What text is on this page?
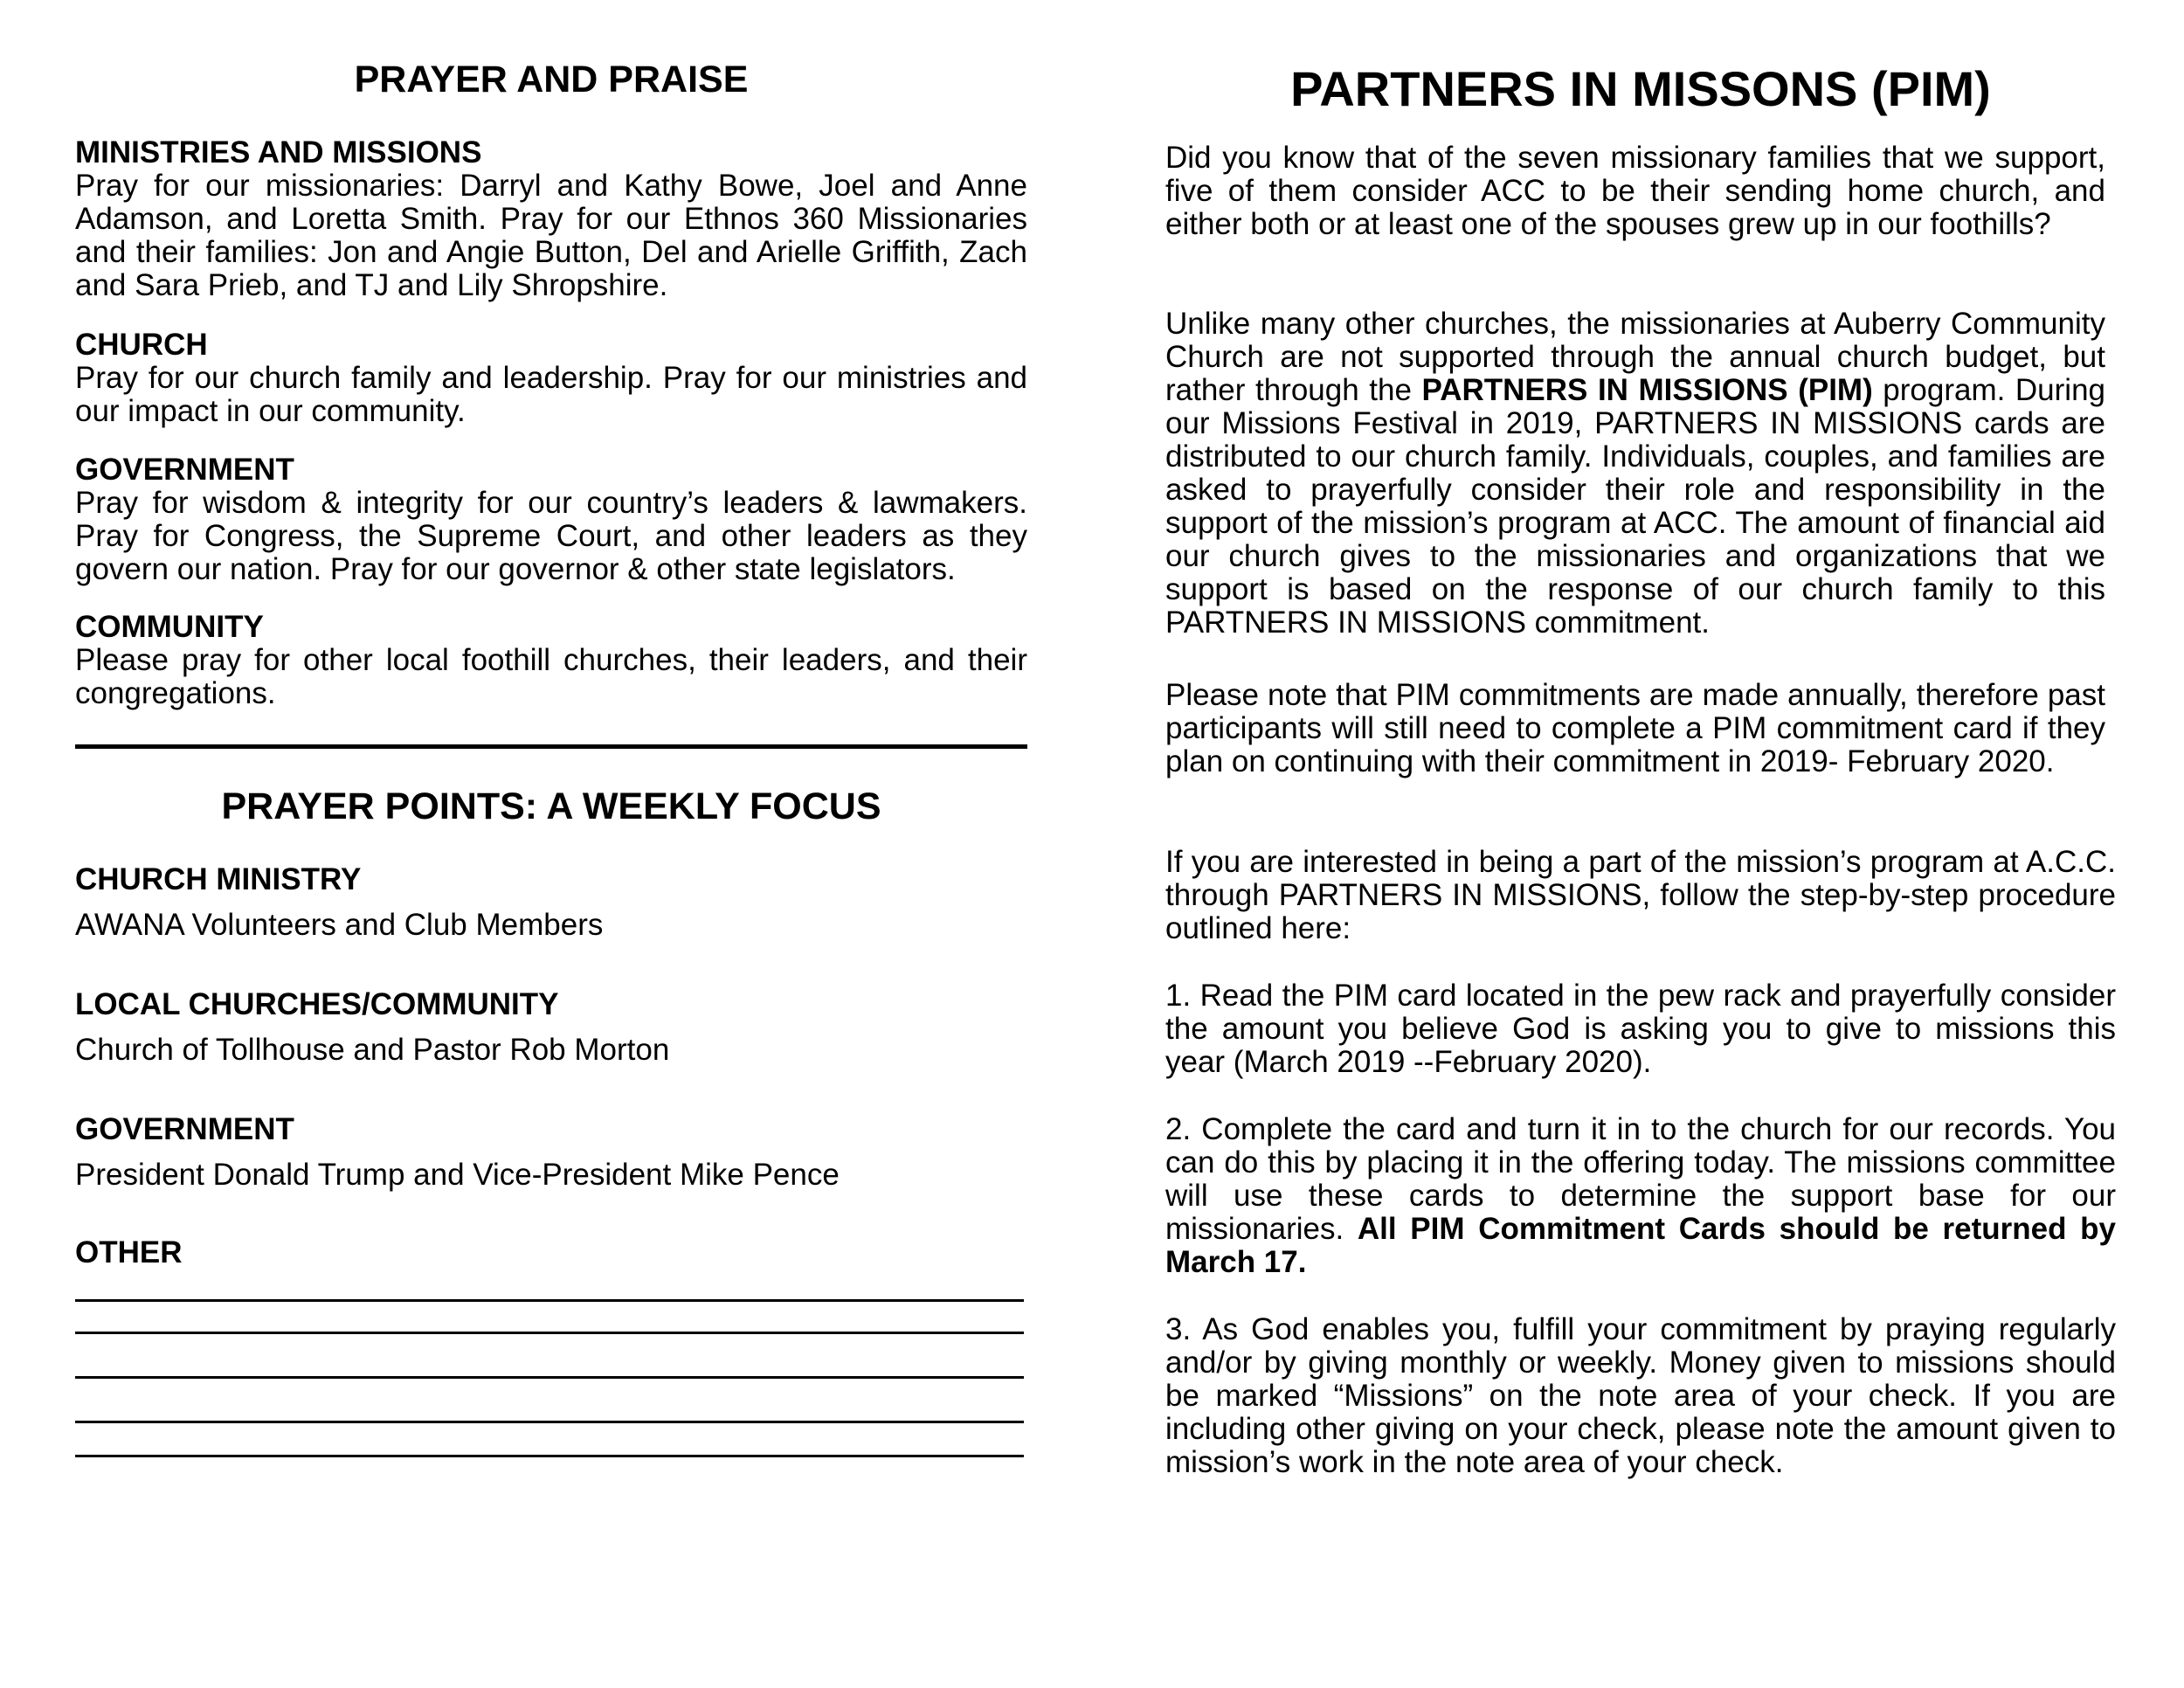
PRAYER AND PRAISE
MINISTRIES AND MISSIONS
Pray for our missionaries: Darryl and Kathy Bowe, Joel and Anne Adamson, and Loretta Smith. Pray for our Ethnos 360 Missionaries and their families: Jon and Angie Button, Del and Arielle Griffith, Zach and Sara Prieb, and TJ and Lily Shropshire.
CHURCH
Pray for our church family and leadership. Pray for our ministries and our impact in our community.
GOVERNMENT
Pray for wisdom & integrity for our country’s leaders & lawmakers. Pray for Congress, the Supreme Court, and other leaders as they govern our nation. Pray for our governor & other state legislators.
COMMUNITY
Please pray for other local foothill churches, their leaders, and their congregations.
PRAYER POINTS: A WEEKLY FOCUS
CHURCH MINISTRY
AWANA Volunteers and Club Members
LOCAL CHURCHES/COMMUNITY
Church of Tollhouse and Pastor Rob Morton
GOVERNMENT
President Donald Trump and Vice-President Mike Pence
OTHER
PARTNERS IN MISSONS (PIM)
Did you know that of the seven missionary families that we support, five of them consider ACC to be their sending home church, and either both or at least one of the spouses grew up in our foothills?
Unlike many other churches, the missionaries at Auberry Community Church are not supported through the annual church budget, but rather through the PARTNERS IN MISSIONS (PIM) program. During our Missions Festival in 2019, PARTNERS IN MISSIONS cards are distributed to our church family. Individuals, couples, and families are asked to prayerfully consider their role and responsibility in the support of the mission’s program at ACC. The amount of financial aid our church gives to the missionaries and organizations that we support is based on the response of our church family to this PARTNERS IN MISSIONS commitment.
Please note that PIM commitments are made annually, therefore past participants will still need to complete a PIM commitment card if they plan on continuing with their commitment in 2019- February 2020.
If you are interested in being a part of the mission’s program at A.C.C. through PARTNERS IN MISSIONS, follow the step-by-step procedure outlined here:
1. Read the PIM card located in the pew rack and prayerfully consider the amount you believe God is asking you to give to missions this year (March 2019 --February 2020).
2. Complete the card and turn it in to the church for our records. You can do this by placing it in the offering today. The missions committee will use these cards to determine the support base for our missionaries. All PIM Commitment Cards should be returned by March 17.
3. As God enables you, fulfill your commitment by praying regularly and/or by giving monthly or weekly. Money given to missions should be marked “Missions” on the note area of your check. If you are including other giving on your check, please note the amount given to mission’s work in the note area of your check.
